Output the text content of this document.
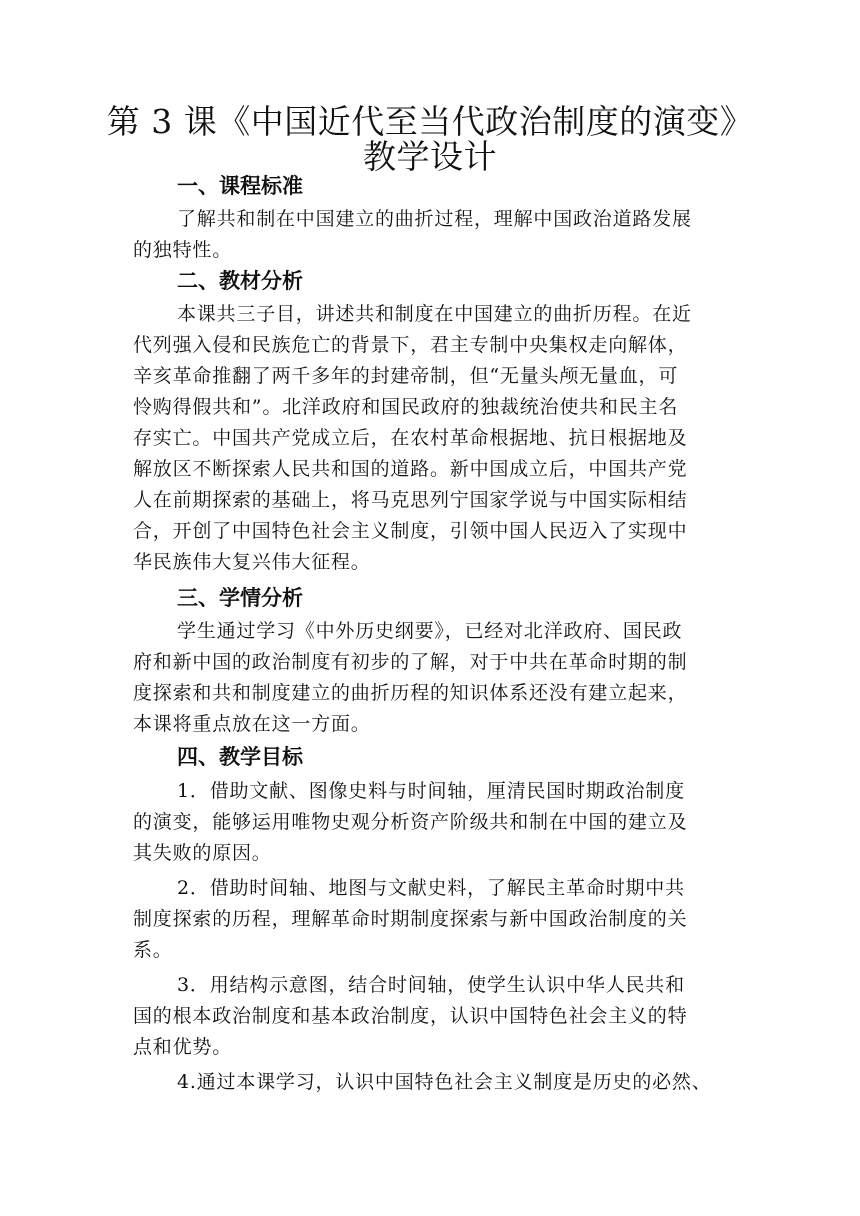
第 3 课《中国近代至当代政治制度的演变》
教学设计
一、课程标准
了解共和制在中国建立的曲折过程，理解中国政治道路发展
的独特性。
二、教材分析
本课共三子目，讲述共和制度在中国建立的曲折历程。在近
代列强入侵和民族危亡的背景下，君主专制中央集权走向解体，
辛亥革命推翻了两千多年的封建帝制，但“无量头颅无量血，可
怜购得假共和”。北洋政府和国民政府的独裁统治使共和民主名
存实亡。中国共产党成立后，在农村革命根据地、抗日根据地及
解放区不断探索人民共和国的道路。新中国成立后，中国共产党
人在前期探索的基础上，将马克思列宁国家学说与中国实际相结
合，开创了中国特色社会主义制度，引领中国人民迈入了实现中
华民族伟大复兴伟大征程。
三、学情分析
学生通过学习《中外历史纲要》，已经对北洋政府、国民政
府和新中国的政治制度有初步的了解，对于中共在革命时期的制
度探索和共和制度建立的曲折历程的知识体系还没有建立起来，
本课将重点放在这一方面。
四、教学目标
1．借助文献、图像史料与时间轴，厘清民国时期政治制度
的演变，能够运用唯物史观分析资产阶级共和制在中国的建立及
其失败的原因。
2．借助时间轴、地图与文献史料，了解民主革命时期中共
制度探索的历程，理解革命时期制度探索与新中国政治制度的关
系。
3．用结构示意图，结合时间轴，使学生认识中华人民共和
国的根本政治制度和基本政治制度，认识中国特色社会主义的特
点和优势。
4.通过本课学习，认识中国特色社会主义制度是历史的必然、
